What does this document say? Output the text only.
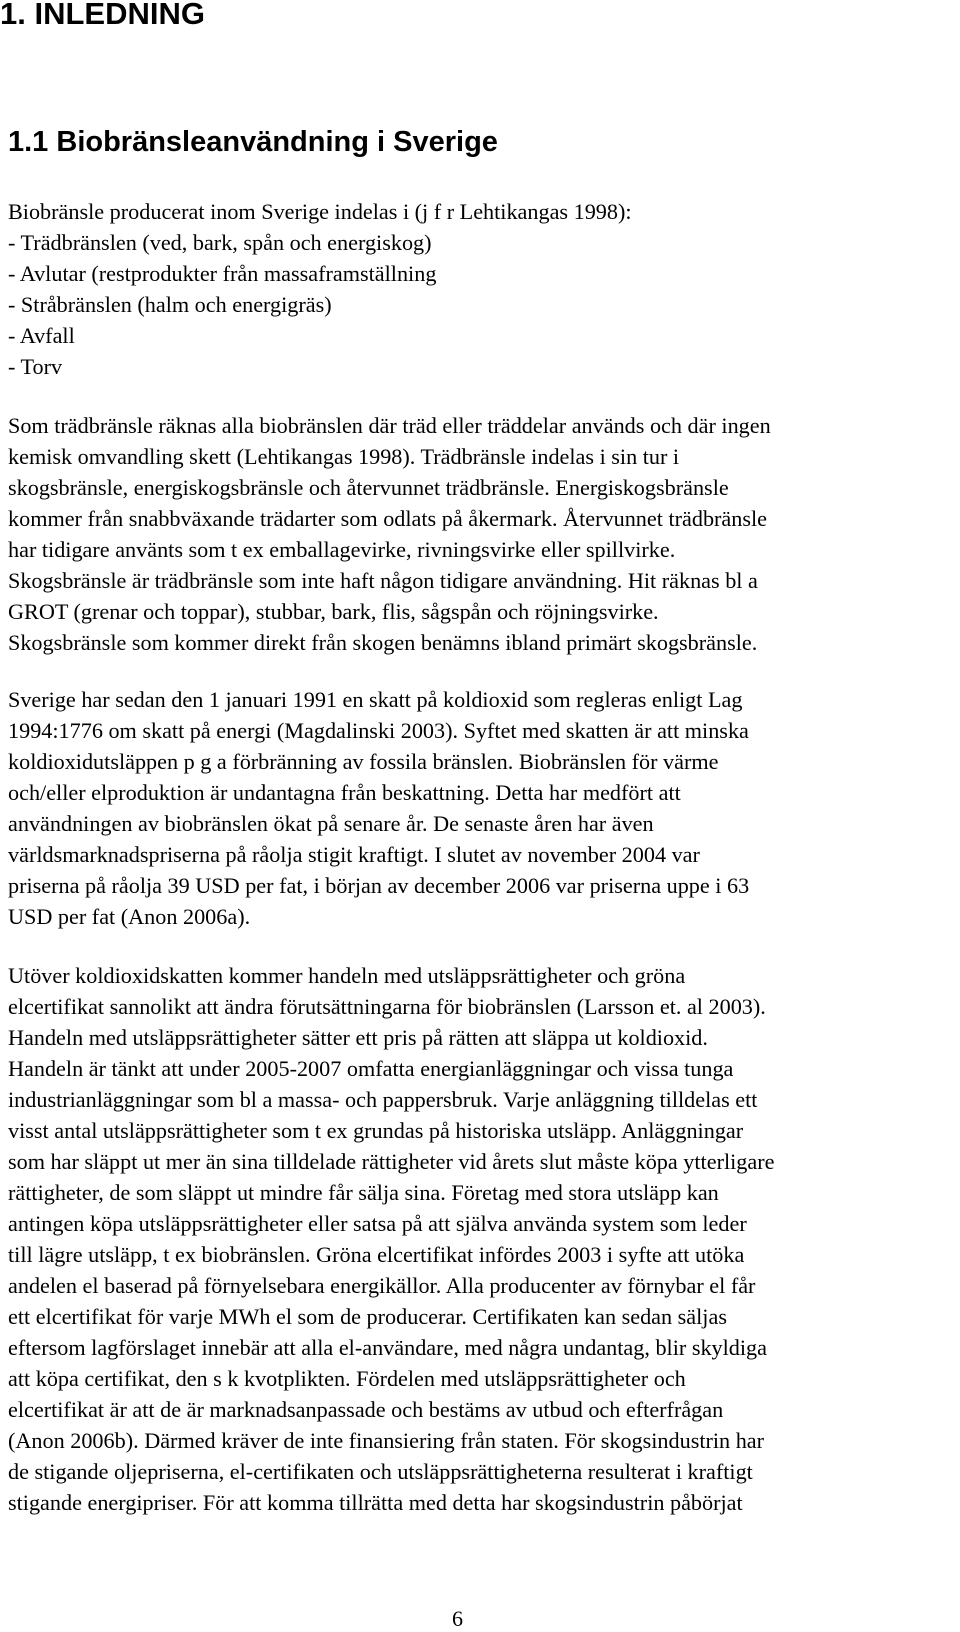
1. INLEDNING
1.1 Biobränsleanvändning i Sverige

Biobränsle producerat inom Sverige indelas i (j f r Lehtikangas 1998):

- Trädbränslen (ved, bark, spån och energiskog)

- Avlutar (restprodukter från massaframställning

- Stråbränslen (halm och energigräs)

- Avfall

- Torv

Som trädbränsle räknas alla biobränslen där träd eller träddelar används och där ingen

kemisk omvandling skett (Lehtikangas 1998). Trädbränsle indelas i sin tur i

skogsbränsle, energiskogsbränsle och återvunnet trädbränsle. Energiskogsbränsle

kommer från snabbväxande trädarter som odlats på åkermark. Återvunnet trädbränsle

har tidigare använts som t ex emballagevirke, rivningsvirke eller spillvirke.

Skogsbränsle är trädbränsle som inte haft någon tidigare användning. Hit räknas bl a

GROT (grenar och toppar), stubbar, bark, flis, sågspån och röjningsvirke.

Skogsbränsle som kommer direkt från skogen benämns ibland primärt skogsbränsle.

Sverige har sedan den 1 januari 1991 en skatt på koldioxid som regleras enligt Lag

1994:1776 om skatt på energi (Magdalinski 2003). Syftet med skatten är att minska

koldioxidutsläppen p g a förbränning av fossila bränslen. Biobränslen för värme

och/eller elproduktion är undantagna från beskattning. Detta har medfört att

användningen av biobränslen ökat på senare år. De senaste åren har även

världsmarknadspriserna på råolja stigit kraftigt. I slutet av november 2004 var

priserna på råolja 39 USD per fat, i början av december 2006 var priserna uppe i 63

USD per fat (Anon 2006a).

Utöver koldioxidskatten kommer handeln med utsläppsrättigheter och gröna

elcertifikat sannolikt att ändra förutsättningarna för biobränslen (Larsson et. al 2003).

Handeln med utsläppsrättigheter sätter ett pris på rätten att släppa ut koldioxid.

Handeln är tänkt att under 2005-2007 omfatta energianläggningar och vissa tunga

industrianläggningar som bl a massa- och pappersbruk. Varje anläggning tilldelas ett

visst antal utsläppsrättigheter som t ex grundas på historiska utsläpp. Anläggningar

som har släppt ut mer än sina tilldelade rättigheter vid årets slut måste köpa ytterligare

rättigheter, de som släppt ut mindre får sälja sina. Företag med stora utsläpp kan

antingen köpa utsläppsrättigheter eller satsa på att själva använda system som leder

till lägre utsläpp, t ex biobränslen. Gröna elcertifikat infördes 2003 i syfte att utöka

andelen el baserad på förnyelsebara energikällor. Alla producenter av förnybar el får

ett elcertifikat för varje MWh el som de producerar. Certifikaten kan sedan säljas

eftersom lagförslaget innebär att alla el-användare, med några undantag, blir skyldiga

att köpa certifikat, den s k kvotplikten. Fördelen med utsläppsrättigheter och

elcertifikat är att de är marknadsanpassade och bestäms av utbud och efterfrågan

(Anon 2006b). Därmed kräver de inte finansiering från staten. För skogsindustrin har

de stigande oljepriserna, el-certifikaten och utsläppsrättigheterna resulterat i kraftigt

stigande energipriser. För att komma tillrätta med detta har skogsindustrin påbörjat

6
